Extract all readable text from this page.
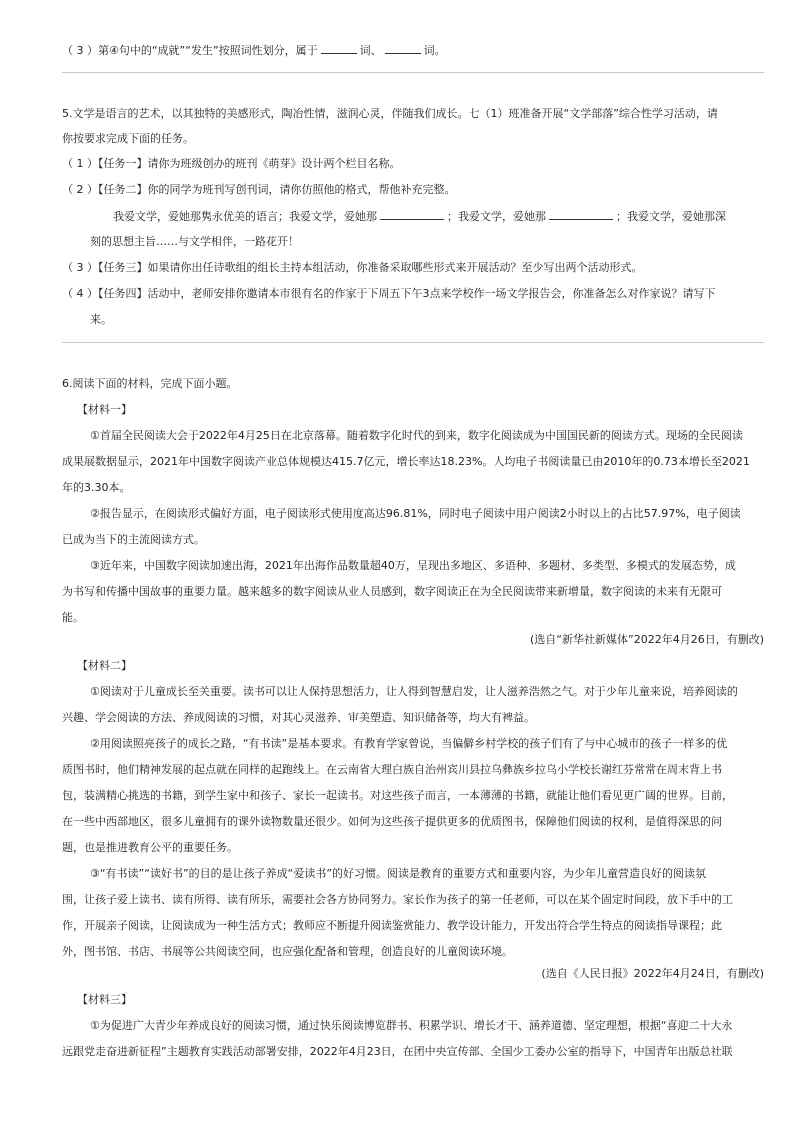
（ 3 ）第④句中的“成就”“发生”按照词性划分，属于	词、	词。
5.文学是语言的艺术，以其独特的美感形式，陶冶性情，滋润心灵，伴随我们成长。七（1）班准备开展“文学部落”综合性学习活动，请
你按要求完成下面的任务。
（ 1 ）【任务一】请你为班级创办的班刊《萌芽》设计两个栏目名称。
（ 2 ）【任务二】你的同学为班刊写创刊词，请你仿照他的格式，帮他补充完整。
我爱文学，爱她那隽永优美的语言；我爱文学，爱她那	；我爱文学，爱她那	；我爱文学，爱她那深
刻的思想主旨……与文学相伴，一路花开！
（ 3 ）【任务三】如果请你出任诗歌组的组长主持本组活动，你准备采取哪些形式来开展活动？至少写出两个活动形式。
（ 4 ）【任务四】活动中，老师安排你邀请本市很有名的作家于下周五下午3点来学校作一场文学报告会，你准备怎么对作家说？请写下
来。
6.阅读下面的材料，完成下面小题。
【材料一】
①首届全民阅读大会于2022年4月25日在北京落幕。随着数字化时代的到来，数字化阅读成为中国国民新的阅读方式。现场的全民阅读
成果展数据显示，2021年中国数字阅读产业总体规模达415.7亿元，增长率达18.23%。人均电子书阅读量已由2010年的0.73本增长至2021
年的3.30本。
②报告显示，在阅读形式偏好方面，电子阅读形式使用度高达96.81%，同时电子阅读中用户阅读2小时以上的占比57.97%，电子阅读
已成为当下的主流阅读方式。
③近年来，中国数字阅读加速出海，2021年出海作品数量超40万，呈现出多地区、多语种、多题材、多类型、多模式的发展态势，成
为书写和传播中国故事的重要力量。越来越多的数字阅读从业人员感到，数字阅读正在为全民阅读带来新增量，数字阅读的未来有无限可
能。
(选自“新华社新媒体”2022年4月26日，有删改)
【材料二】
①阅读对于儿童成长至关重要。读书可以让人保持思想活力，让人得到智慧启发，让人滋养浩然之气。对于少年儿童来说，培养阅读的
兴趣、学会阅读的方法、养成阅读的习惯，对其心灵滋养、审美塑造、知识储备等，均大有裨益。
②用阅读照亮孩子的成长之路，“有书读”是基本要求。有教育学家曾说，当偏僻乡村学校的孩子们有了与中心城市的孩子一样多的优
质图书时，他们精神发展的起点就在同样的起跑线上。在云南省大理白族自治州宾川县拉乌彝族乡拉乌小学校长谢红芬常常在周末背上书
包，装满精心挑选的书籍，到学生家中和孩子、家长一起读书。对这些孩子而言，一本薄薄的书籍，就能让他们看见更广阔的世界。目前，
在一些中西部地区，很多儿童拥有的课外读物数量还很少。如何为这些孩子提供更多的优质图书，保障他们阅读的权利，是值得深思的问
题，也是推进教育公平的重要任务。
③“有书读”“读好书”的目的是让孩子养成“爱读书”的好习惯。阅读是教育的重要方式和重要内容，为少年儿童营造良好的阅读氛
围，让孩子爱上读书、读有所得、读有所乐，需要社会各方协同努力。家长作为孩子的第一任老师，可以在某个固定时间段，放下手中的工
作，开展亲子阅读，让阅读成为一种生活方式；教师应不断提升阅读鉴赏能力、教学设计能力，开发出符合学生特点的阅读指导课程；此
外，图书馆、书店、书展等公共阅读空间，也应强化配备和管理，创造良好的儿童阅读环境。
(选自《人民日报》2022年4月24日，有删改)
【材料三】
①为促进广大青少年养成良好的阅读习惯，通过快乐阅读博览群书、积累学识、增长才干、涵养道德、坚定理想，根据“喜迎二十大永
远跟党走奋进新征程”主题教育实践活动部署安排，2022年4月23日，在团中央宣传部、全国少工委办公室的指导下，中国青年出版总社联
